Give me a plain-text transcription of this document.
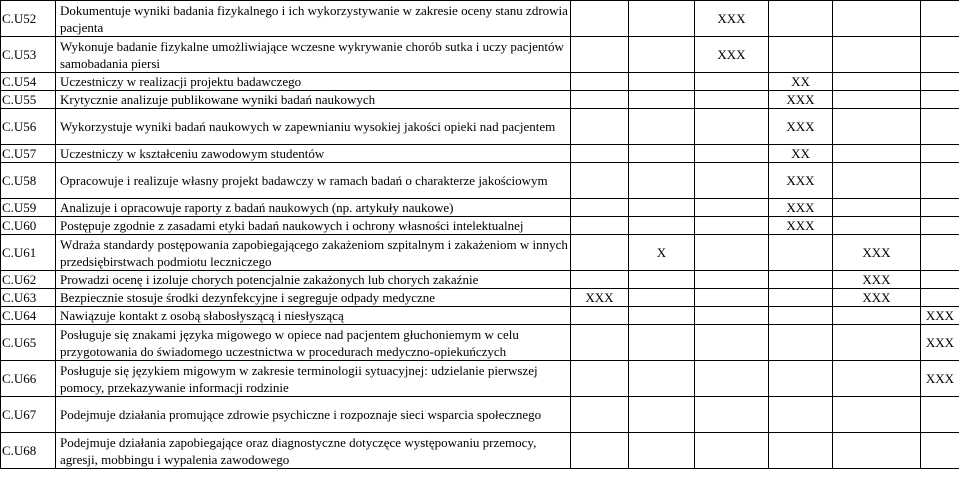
C.U52	Dokumentuje wyniki badania fizykalnego i ich wykorzystywanie w zakresie oceny stanu zdrowia pacjenta			XXX				
C.U53	Wykonuje badanie fizykalne umożliwiające wczesne wykrywanie chorób sutka i uczy pacjentów samobadania piersi			XXX				
C.U54	Uczestniczy w realizacji projektu badawczego				XX			
C.U55	Krytycznie analizuje publikowane wyniki badań naukowych				XXX			
C.U56	Wykorzystuje wyniki badań naukowych w zapewnianiu wysokiej jakości opieki nad pacjentem				XXX			
C.U57	Uczestniczy w kształceniu zawodowym studentów				XX			
C.U58	Opracowuje i realizuje własny projekt badawczy w ramach badań o charakterze jakościowym				XXX			
C.U59	Analizuje i opracowuje raporty z badań naukowych (np. artykuły naukowe)				XXX			
C.U60	Postępuje zgodnie z zasadami etyki badań naukowych i ochrony własności intelektualnej				XXX			
C.U61	Wdraża standardy postępowania zapobiegającego zakażeniom szpitalnym i zakażeniom w innych przedsiębirstwach podmiotu leczniczego		X			XXX		
C.U62	Prowadzi ocenę i izoluje chorych potencjalnie zakażonych lub chorych zakaźnie					XXX		
C.U63	Bezpiecznie stosuje środki dezynfekcyjne i segreguje odpady medyczne	XXX				XXX		
C.U64	Nawiązuje kontakt z osobą słabosłyszącą i niesłyszącą						XXX	
C.U65	Posługuje się znakami języka migowego w opiece nad pacjentem głuchoniemym w celu przygotowania do świadomego uczestnictwa w procedurach medyczno-opiekuńczych						XXX	
C.U66	Posługuje się językiem migowym w zakresie terminologii sytuacyjnej: udzielanie pierwszej pomocy, przekazywanie informacji rodzinie						XXX	
C.U67	Podejmuje działania promujące zdrowie psychiczne i rozpoznaje sieci wsparcia społecznego							
C.U68	Podejmuje działania zapobiegające oraz diagnostyczne dotyczęce występowaniu przemocy, agresji, mobbingu i wypalenia zawodowego							
